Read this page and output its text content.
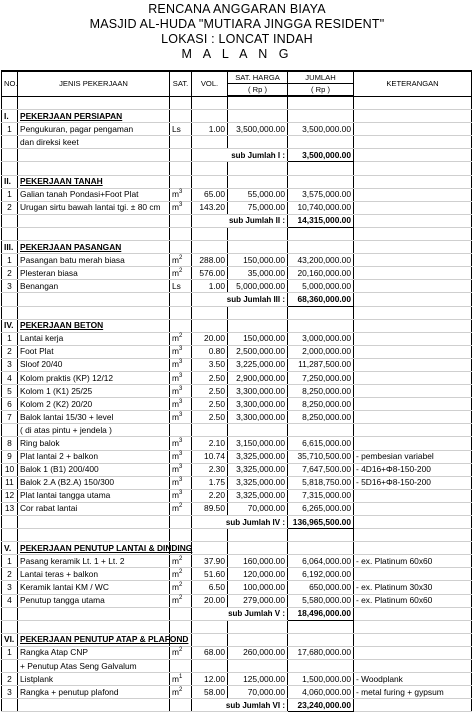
RENCANA ANGGARAN BIAYA
MASJID AL-HUDA "MUTIARA JINGGA RESIDENT"
LOKASI : LONCAT INDAH
M A L A N G
NO.	JENIS PEKERJAAN	SAT.	VOL.	SAT. HARGA	JUMLAH	KETERANGAN
				( Rp )	( Rp )	

I.	PEKERJAAN PERSIAPAN					
1	Pengukuran, pagar pengaman	Ls	1.00	3,500,000.00	3,500,000.00	
	dan direksi keet					
			sub Jumlah I :		3,500,000.00	

II.	PEKERJAAN TANAH					
1	Galian tanah Pondasi+Foot Plat	$m^3$	65.00	55,000.00	3,575,000.00	
2	Urugan sirtu bawah lantai tgi. ± 80 cm	$m^3$	143.20	75,000.00	10,740,000.00	
			sub Jumlah II :		14,315,000.00	

III.	PEKERJAAN PASANGAN					
1	Pasangan batu merah biasa	$m^2$	288.00	150,000.00	43,200,000.00	
2	Plesteran biasa	$m^2$	576.00	35,000.00	20,160,000.00	
3	Benangan	Ls	1.00	5,000,000.00	5,000,000.00	
			sub Jumlah III :		68,360,000.00	

IV.	PEKERJAAN BETON					
1	Lantai kerja	$m^2$	20.00	150,000.00	3,000,000.00	
2	Foot Plat	$m^3$	0.80	2,500,000.00	2,000,000.00	
3	Sloof 20/40	$m^3$	3.50	3,225,000.00	11,287,500.00	
4	Kolom praktis (KP) 12/12	$m^3$	2.50	2,900,000.00	7,250,000.00	
5	Kolom 1 (K1) 25/25	$m^3$	2.50	3,300,000.00	8,250,000.00	
6	Kolom 2 (K2) 20/20	$m^3$	2.50	3,300,000.00	8,250,000.00	
7	Balok lantai 15/30 + level	$m^3$	2.50	3,300,000.00	8,250,000.00	
	( di atas pintu + jendela )					
8	Ring balok	$m^3$	2.10	3,150,000.00	6,615,000.00	
9	Plat lantai 2 + balkon	$m^3$	10.74	3,325,000.00	35,710,500.00	- pembesian variabel
10	Balok 1 (B1) 200/400	$m^3$	2.30	3,325,000.00	7,647,500.00	- 4D16+Φ8-150-200
11	Balok 2.A (B2.A) 150/300	$m^3$	1.75	3,325,000.00	5,818,750.00	- 5D16+Φ8-150-200
12	Plat lantai tangga utama	$m^3$	2.20	3,325,000.00	7,315,000.00	
13	Cor rabat lantai	$m^2$	89.50	70,000.00	6,265,000.00	
			sub Jumlah IV :		136,965,500.00	

V.	PEKERJAAN PENUTUP LANTAI & DINDING					
1	Pasang keramik Lt. 1 + Lt. 2	$m^2$	37.90	160,000.00	6,064,000.00	- ex. Platinum 60x60
2	Lantai teras + balkon	$m^2$	51.60	120,000.00	6,192,000.00	
3	Keramik lantai KM / WC	$m^2$	6.50	100,000.00	650,000.00	- ex. Platinum 30x30
4	Penutup tangga utama	$m^2$	20.00	279,000.00	5,580,000.00	- ex. Platinum 60x60
			sub Jumlah V :		18,496,000.00	

VI.	PEKERJAAN PENUTUP ATAP & PLAFOND					
1	Rangka Atap CNP	$m^2$	68.00	260,000.00	17,680,000.00	
	+ Penutup Atas Seng Galvalum					
2	Listplank	$m^1$	12.00	125,000.00	1,500,000.00	- Woodplank
3	Rangka + penutup plafond	$m^2$	58.00	70,000.00	4,060,000.00	- metal furing + gypsum
			sub Jumlah VI :		23,240,000.00	
